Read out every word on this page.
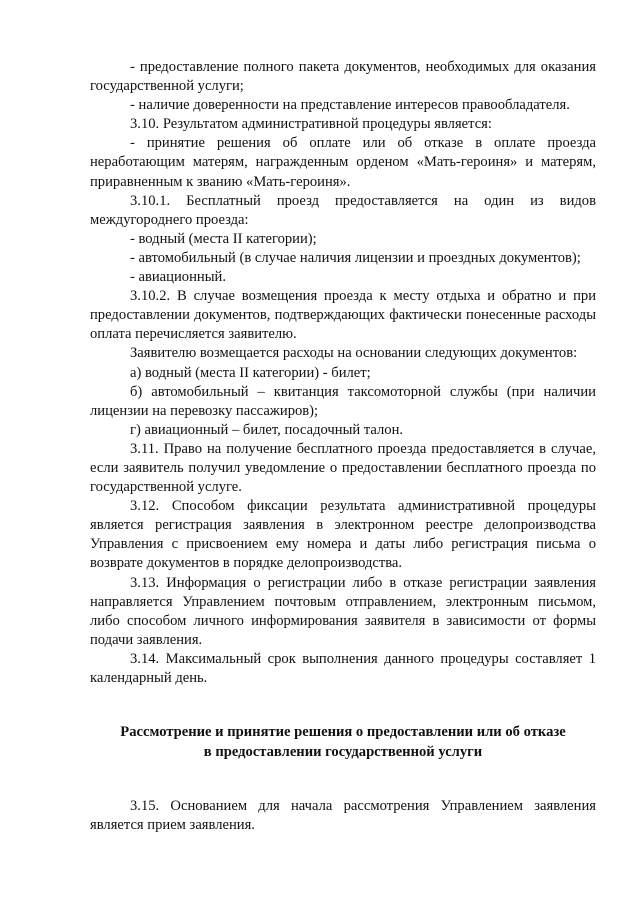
- предоставление полного пакета документов, необходимых для оказания государственной услуги;

- наличие доверенности на представление интересов правообладателя.

3.10. Результатом административной процедуры является:

- принятие решения об оплате или об отказе в оплате проезда неработающим матерям, награжденным орденом «Мать-героиня» и матерям, приравненным к званию «Мать-героиня».

3.10.1. Бесплатный проезд предоставляется на один из видов междугороднего проезда:

- водный (места II категории);

- автомобильный (в случае наличия лицензии и проездных документов);

- авиационный.

3.10.2. В случае возмещения проезда к месту отдыха и обратно и при предоставлении документов, подтверждающих фактически понесенные расходы оплата перечисляется заявителю.

Заявителю возмещается расходы на основании следующих документов:

а) водный (места II категории) - билет;

б) автомобильный – квитанция таксомоторной службы (при наличии лицензии на перевозку пассажиров);

г) авиационный – билет, посадочный талон.

3.11. Право на получение бесплатного проезда предоставляется в случае, если заявитель получил уведомление о предоставлении бесплатного проезда по государственной услуге.

3.12. Способом фиксации результата административной процедуры является регистрация заявления в электронном реестре делопроизводства Управления с присвоением ему номера и даты либо регистрация письма о возврате документов в порядке делопроизводства.

3.13. Информация о регистрации либо в отказе регистрации заявления направляется Управлением почтовым отправлением, электронным письмом, либо способом личного информирования заявителя в зависимости от формы подачи заявления.

3.14. Максимальный срок выполнения данного процедуры составляет 1 календарный день.

Рассмотрение и принятие решения о предоставлении или об отказе
в предоставлении государственной услуги

3.15. Основанием для начала рассмотрения Управлением заявления является прием заявления.
